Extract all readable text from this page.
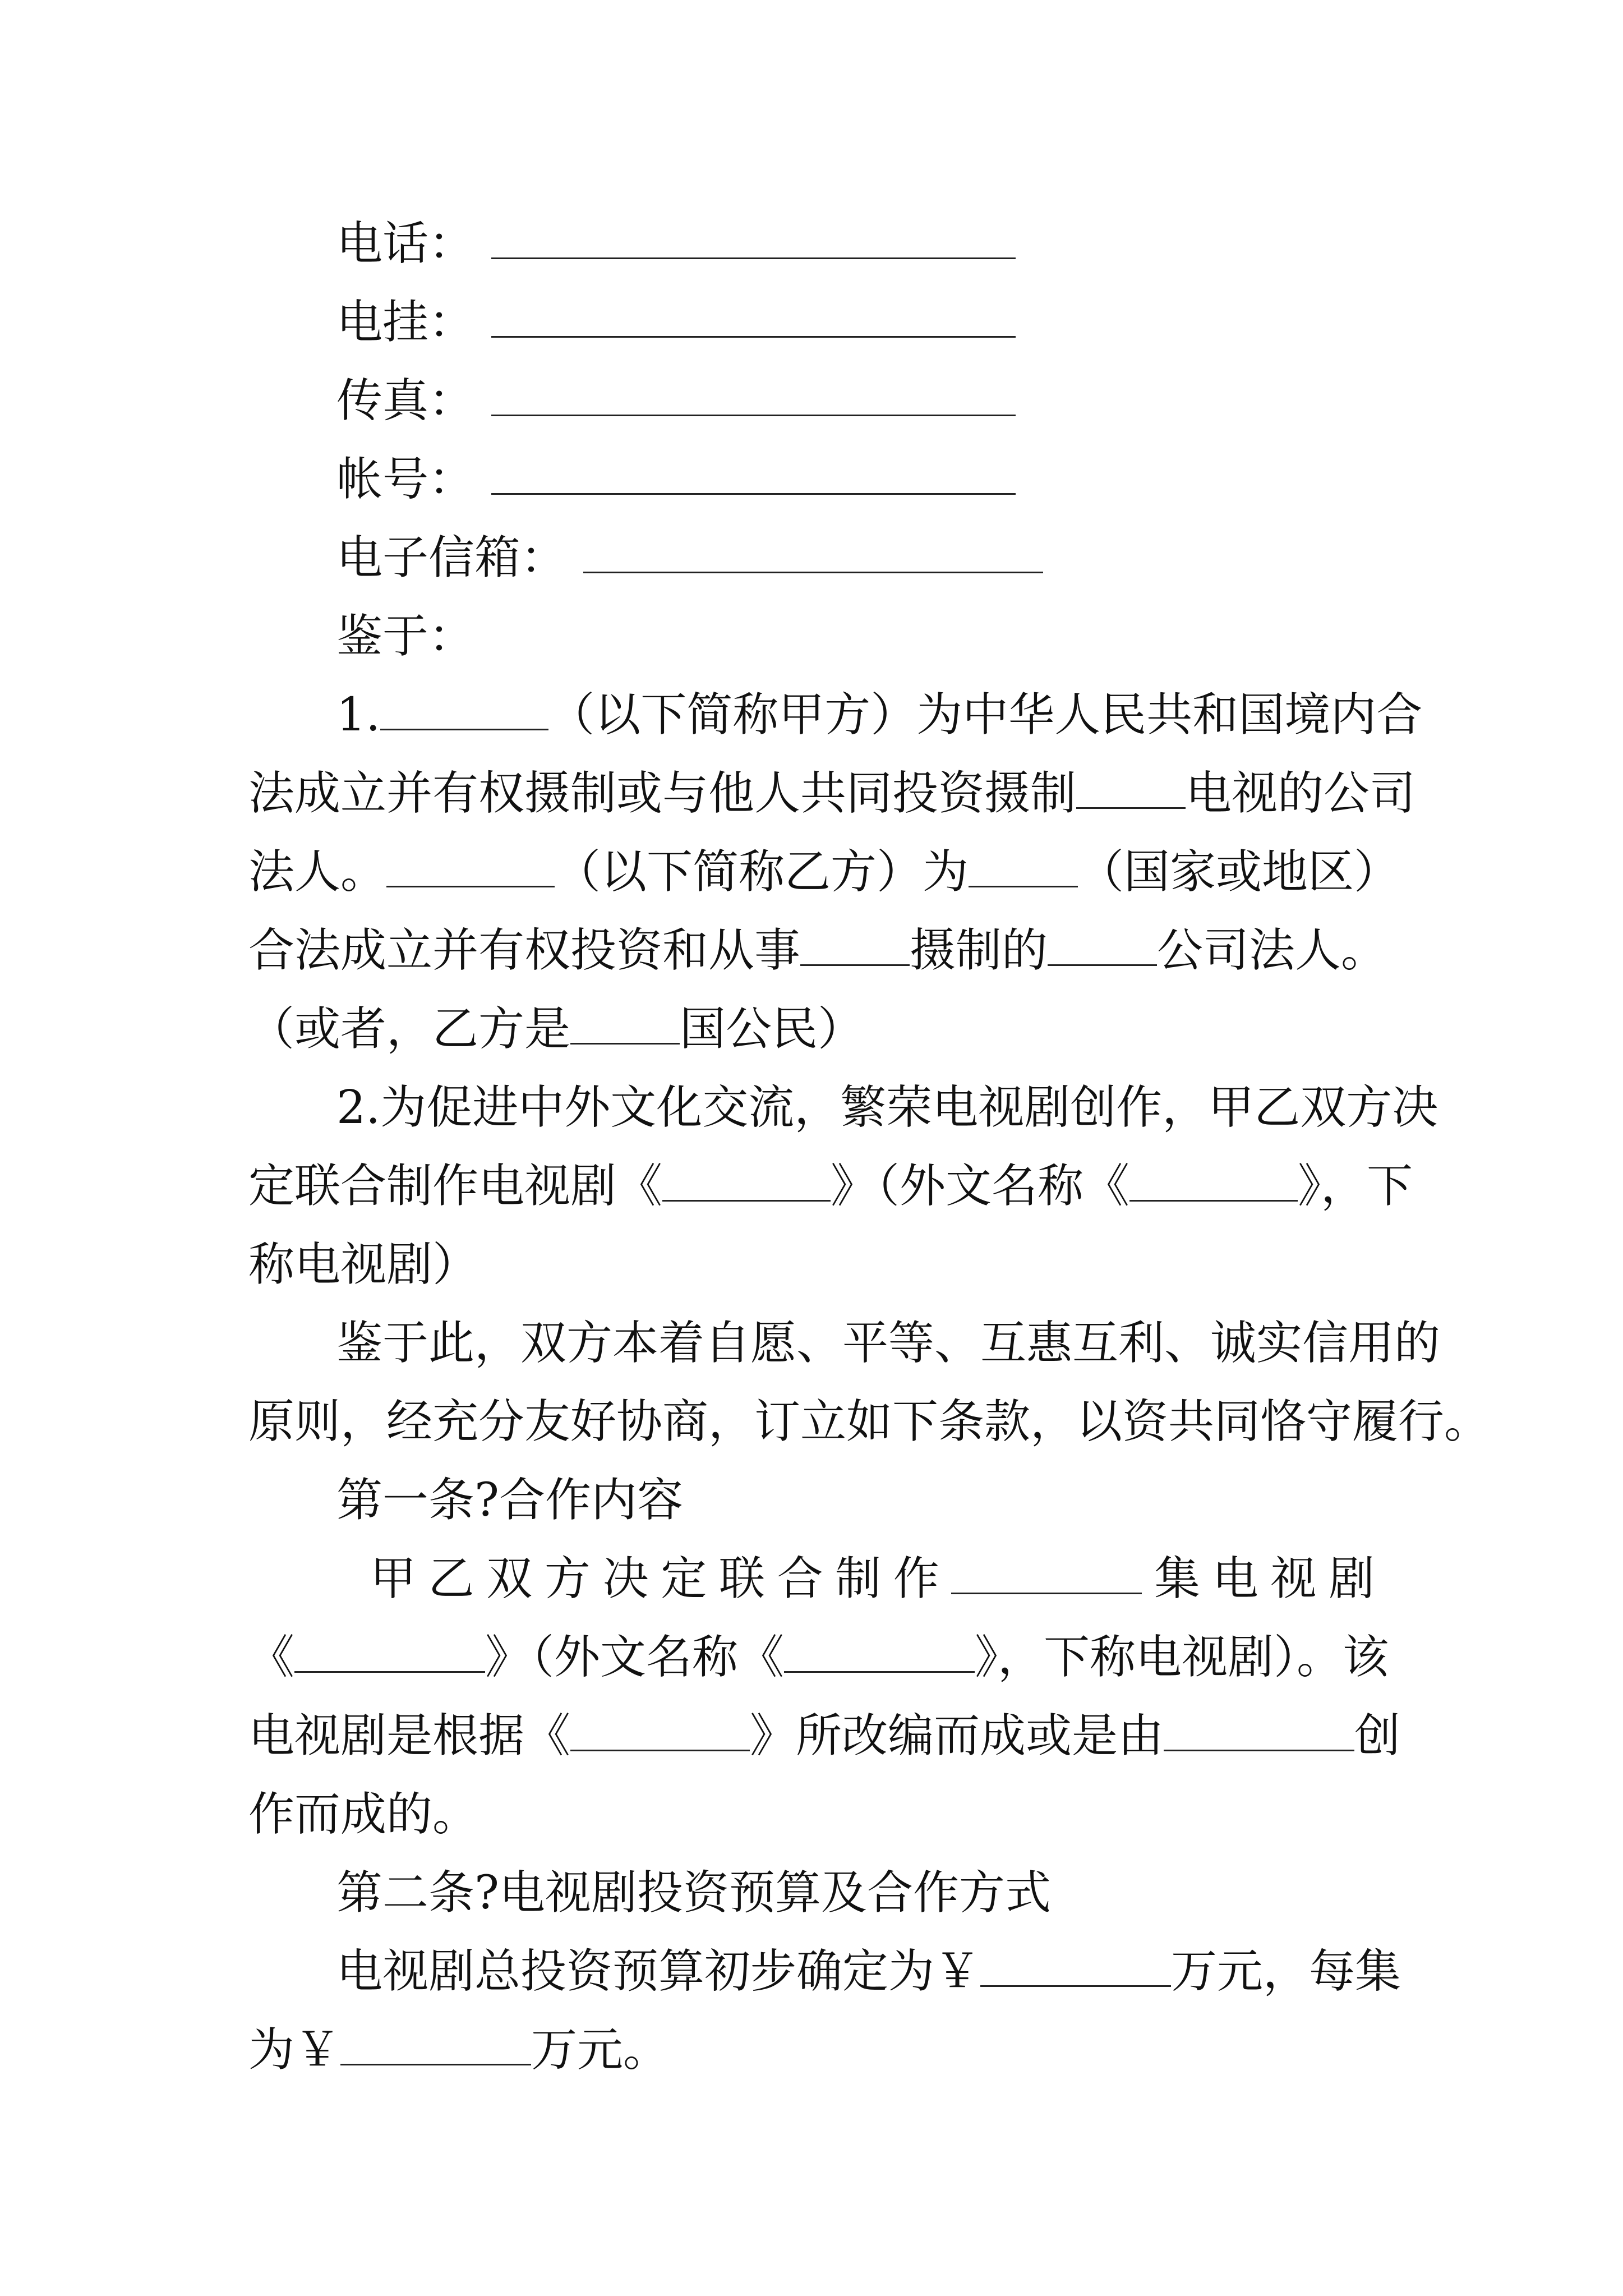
电话：
电挂：
传真：
帐号：
电子信箱：
鉴于：
1.	（以下简称甲方）为中华人民共和国境内合
法成立并有权摄制或与他人共同投资摄制 电视的公司
法人。	（以下简称乙方）为 （国家或地区）
合法成立并有权投资和从事 摄制的 公司法人。
（或者，乙方是 国公民）
2.为促进中外文化交流，繁荣电视剧创作，甲乙双方决
定联合制作电视剧《	》（外文名称《	》，下
称电视剧）
鉴于此，双方本着自愿、平等、互惠互利、诚实信用的
原则，经充分友好协商，订立如下条款，以资共同恪守履行。
第一条?合作内容
甲乙双方决定联合制作	集电视剧
《	》（外文名称《	》，下称电视剧）。该
电视剧是根据《	》所改编而成或是由	创
作而成的。
第二条?电视剧投资预算及合作方式
电视剧总投资预算初步确定为￥	万元，每集
为￥	万元。
